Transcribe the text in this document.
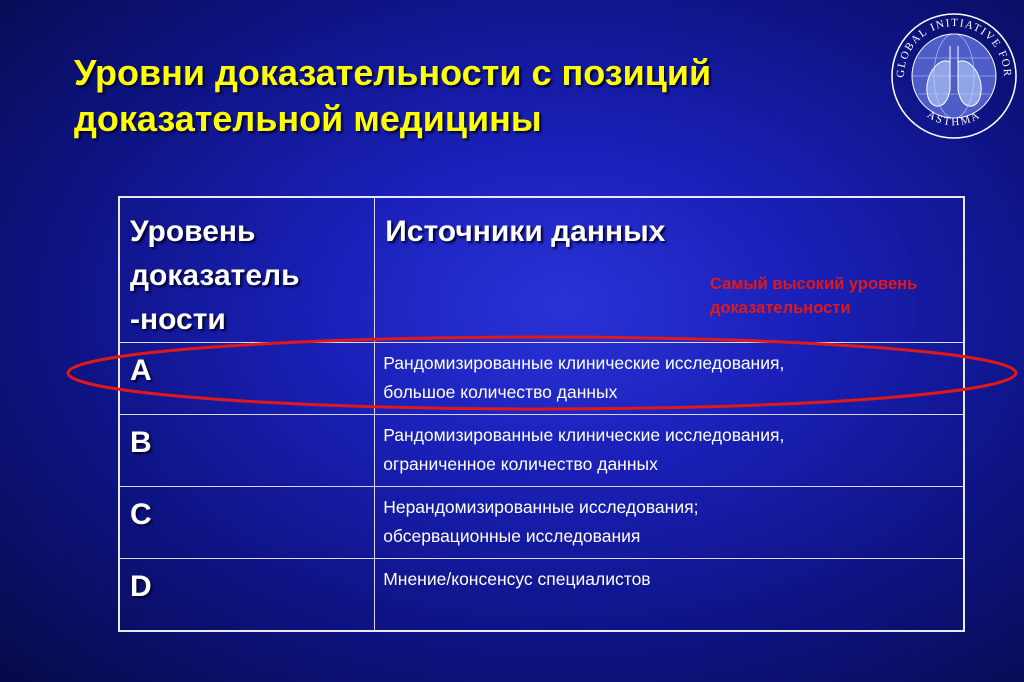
Уровни доказательности с позиций
доказательной медицины
GLOBAL INITIATIVE FOR
ASTHMA
Уровень
доказатель
-ности	Источники данных

A	Рандомизированные клинические исследования,
большое количество данных

B	Рандомизированные клинические исследования,
ограниченное количество данных

C	Нерандомизированные исследования;
обсервационные исследования

D	Мнение/консенсус специалистов
Самый высокий уровень
доказательности
